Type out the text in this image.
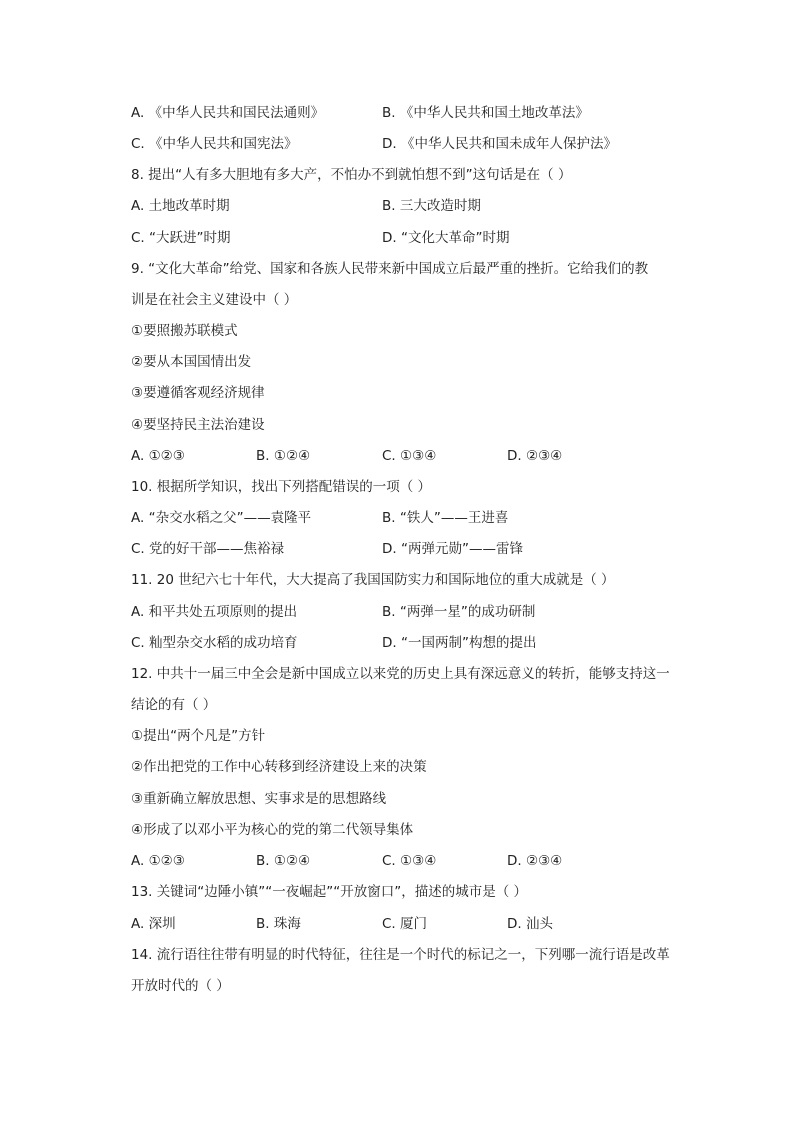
A. 《中华人民共和国民法通则》	B. 《中华人民共和国土地改革法》
C. 《中华人民共和国宪法》	D. 《中华人民共和国未成年人保护法》
8. 提出“人有多大胆地有多大产，不怕办不到就怕想不到”这句话是在（ ）
A. 土地改革时期	B. 三大改造时期
C. “大跃进”时期	D. “文化大革命”时期
9. “文化大革命”给党、国家和各族人民带来新中国成立后最严重的挫折。它给我们的教
训是在社会主义建设中（ ）
①要照搬苏联模式
②要从本国国情出发
③要遵循客观经济规律
④要坚持民主法治建设
A. ①②③	B. ①②④	C. ①③④	D. ②③④
10. 根据所学知识，找出下列搭配错误的一项（ ）
A. “杂交水稻之父”——袁隆平	B. “铁人”——王进喜
C. 党的好干部——焦裕禄	D. “两弹元勋”——雷锋
11. 20 世纪六七十年代，大大提高了我国国防实力和国际地位的重大成就是（ ）
A. 和平共处五项原则的提出	B. “两弹一星”的成功研制
C. 籼型杂交水稻的成功培育	D. “一国两制”构想的提出
12. 中共十一届三中全会是新中国成立以来党的历史上具有深远意义的转折，能够支持这一
结论的有（ ）
①提出“两个凡是”方针
②作出把党的工作中心转移到经济建设上来的决策
③重新确立解放思想、实事求是的思想路线
④形成了以邓小平为核心的党的第二代领导集体
A. ①②③	B. ①②④	C. ①③④	D. ②③④
13. 关键词“边陲小镇”“一夜崛起”“开放窗口”，描述的城市是（ ）
A. 深圳	B. 珠海	C. 厦门	D. 汕头
14. 流行语往往带有明显的时代特征，往往是一个时代的标记之一，下列哪一流行语是改革
开放时代的（ ）
